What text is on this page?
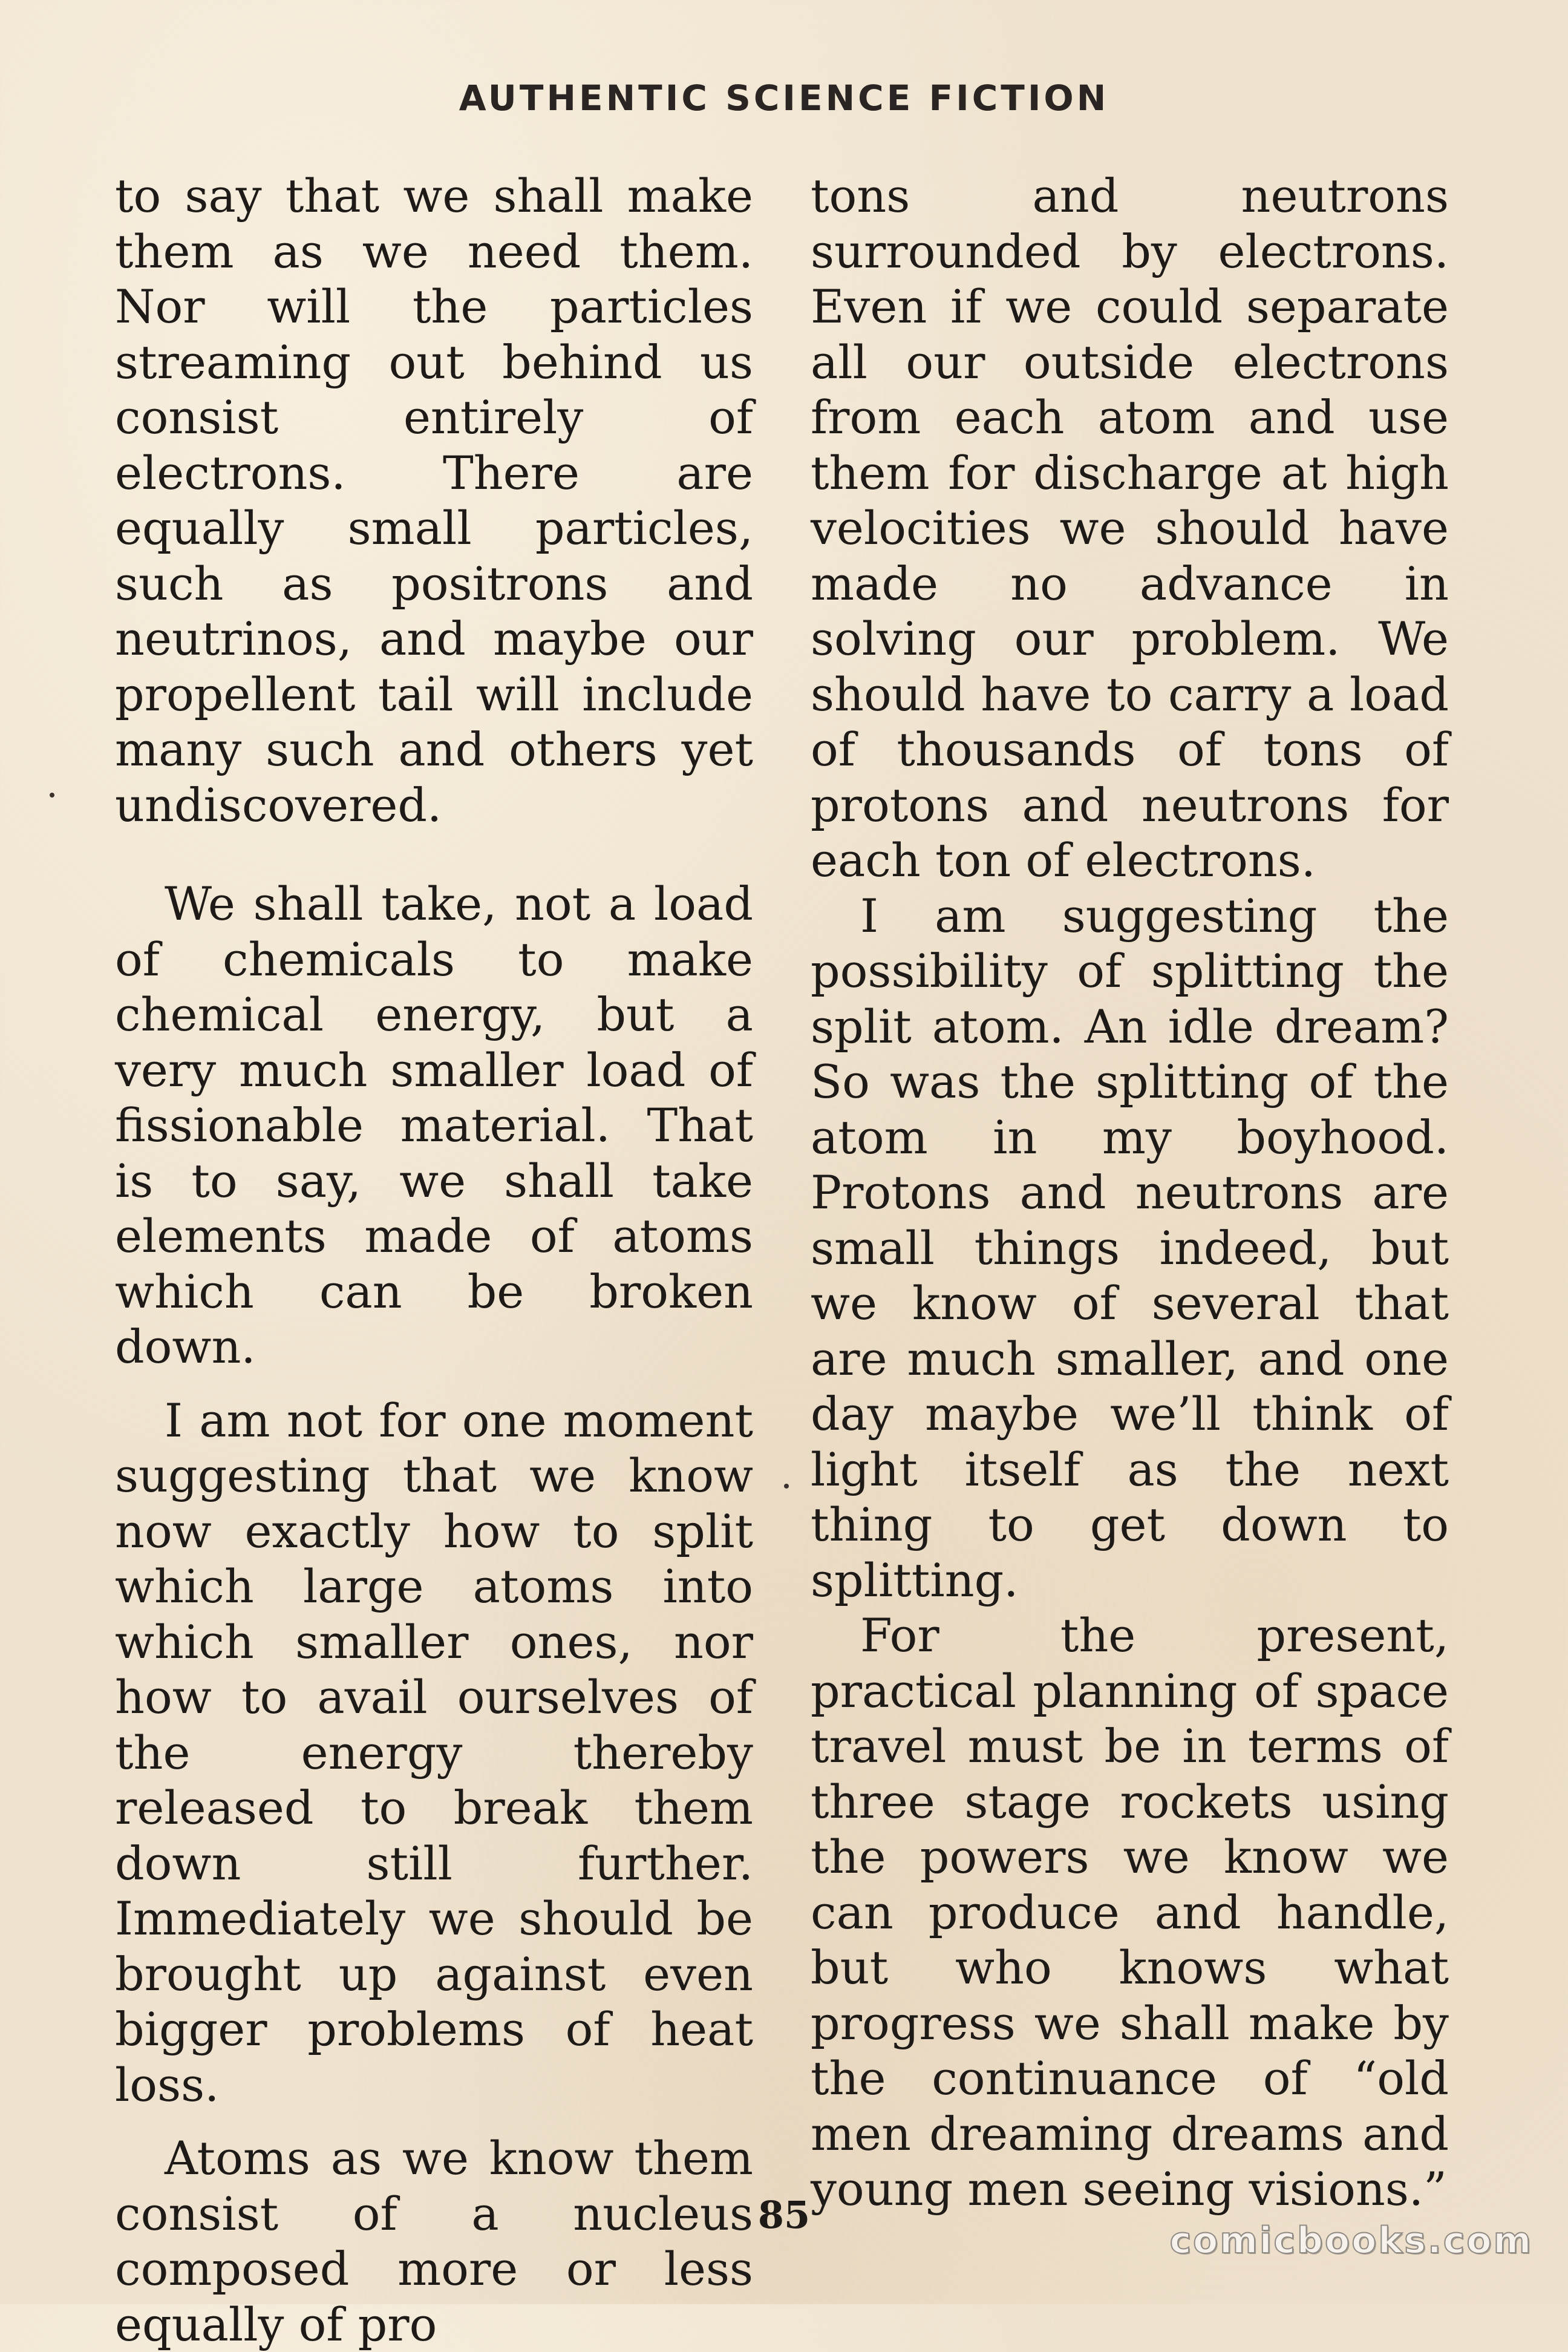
AUTHENTIC SCIENCE FICTION

to say that we shall make them as we need them. Nor will the particles streaming out behind us consist entirely of electrons. There are equally small particles, such as positrons and neutrinos, and maybe our propellent tail will include many such and others yet undiscovered.

We shall take, not a load of chemicals to make chemical energy, but a very much smaller load of fissionable material. That is to say, we shall take elements made of atoms which can be broken down.

I am not for one moment suggesting that we know now exactly how to split which large atoms into which smaller ones, nor how to avail ourselves of the energy thereby released to break them down still further. Immediately we should be brought up against even bigger problems of heat loss.

Atoms as we know them consist of a nucleus composed more or less equally of pro

tons and neutrons surrounded by electrons. Even if we could separate all our outside electrons from each atom and use them for discharge at high velocities we should have made no advance in solving our problem. We should have to carry a load of thousands of tons of protons and neutrons for each ton of electrons.

I am suggesting the possibility of splitting the split atom. An idle dream? So was the splitting of the atom in my boyhood. Protons and neutrons are small things indeed, but we know of several that are much smaller, and one day maybe we’ll think of light itself as the next thing to get down to splitting.

For the present, practical planning of space travel must be in terms of three stage rockets using the powers we know we can produce and handle, but who knows what progress we shall make by the continuance of “old men dreaming dreams and young men seeing visions.”

85
comicbooks.com
